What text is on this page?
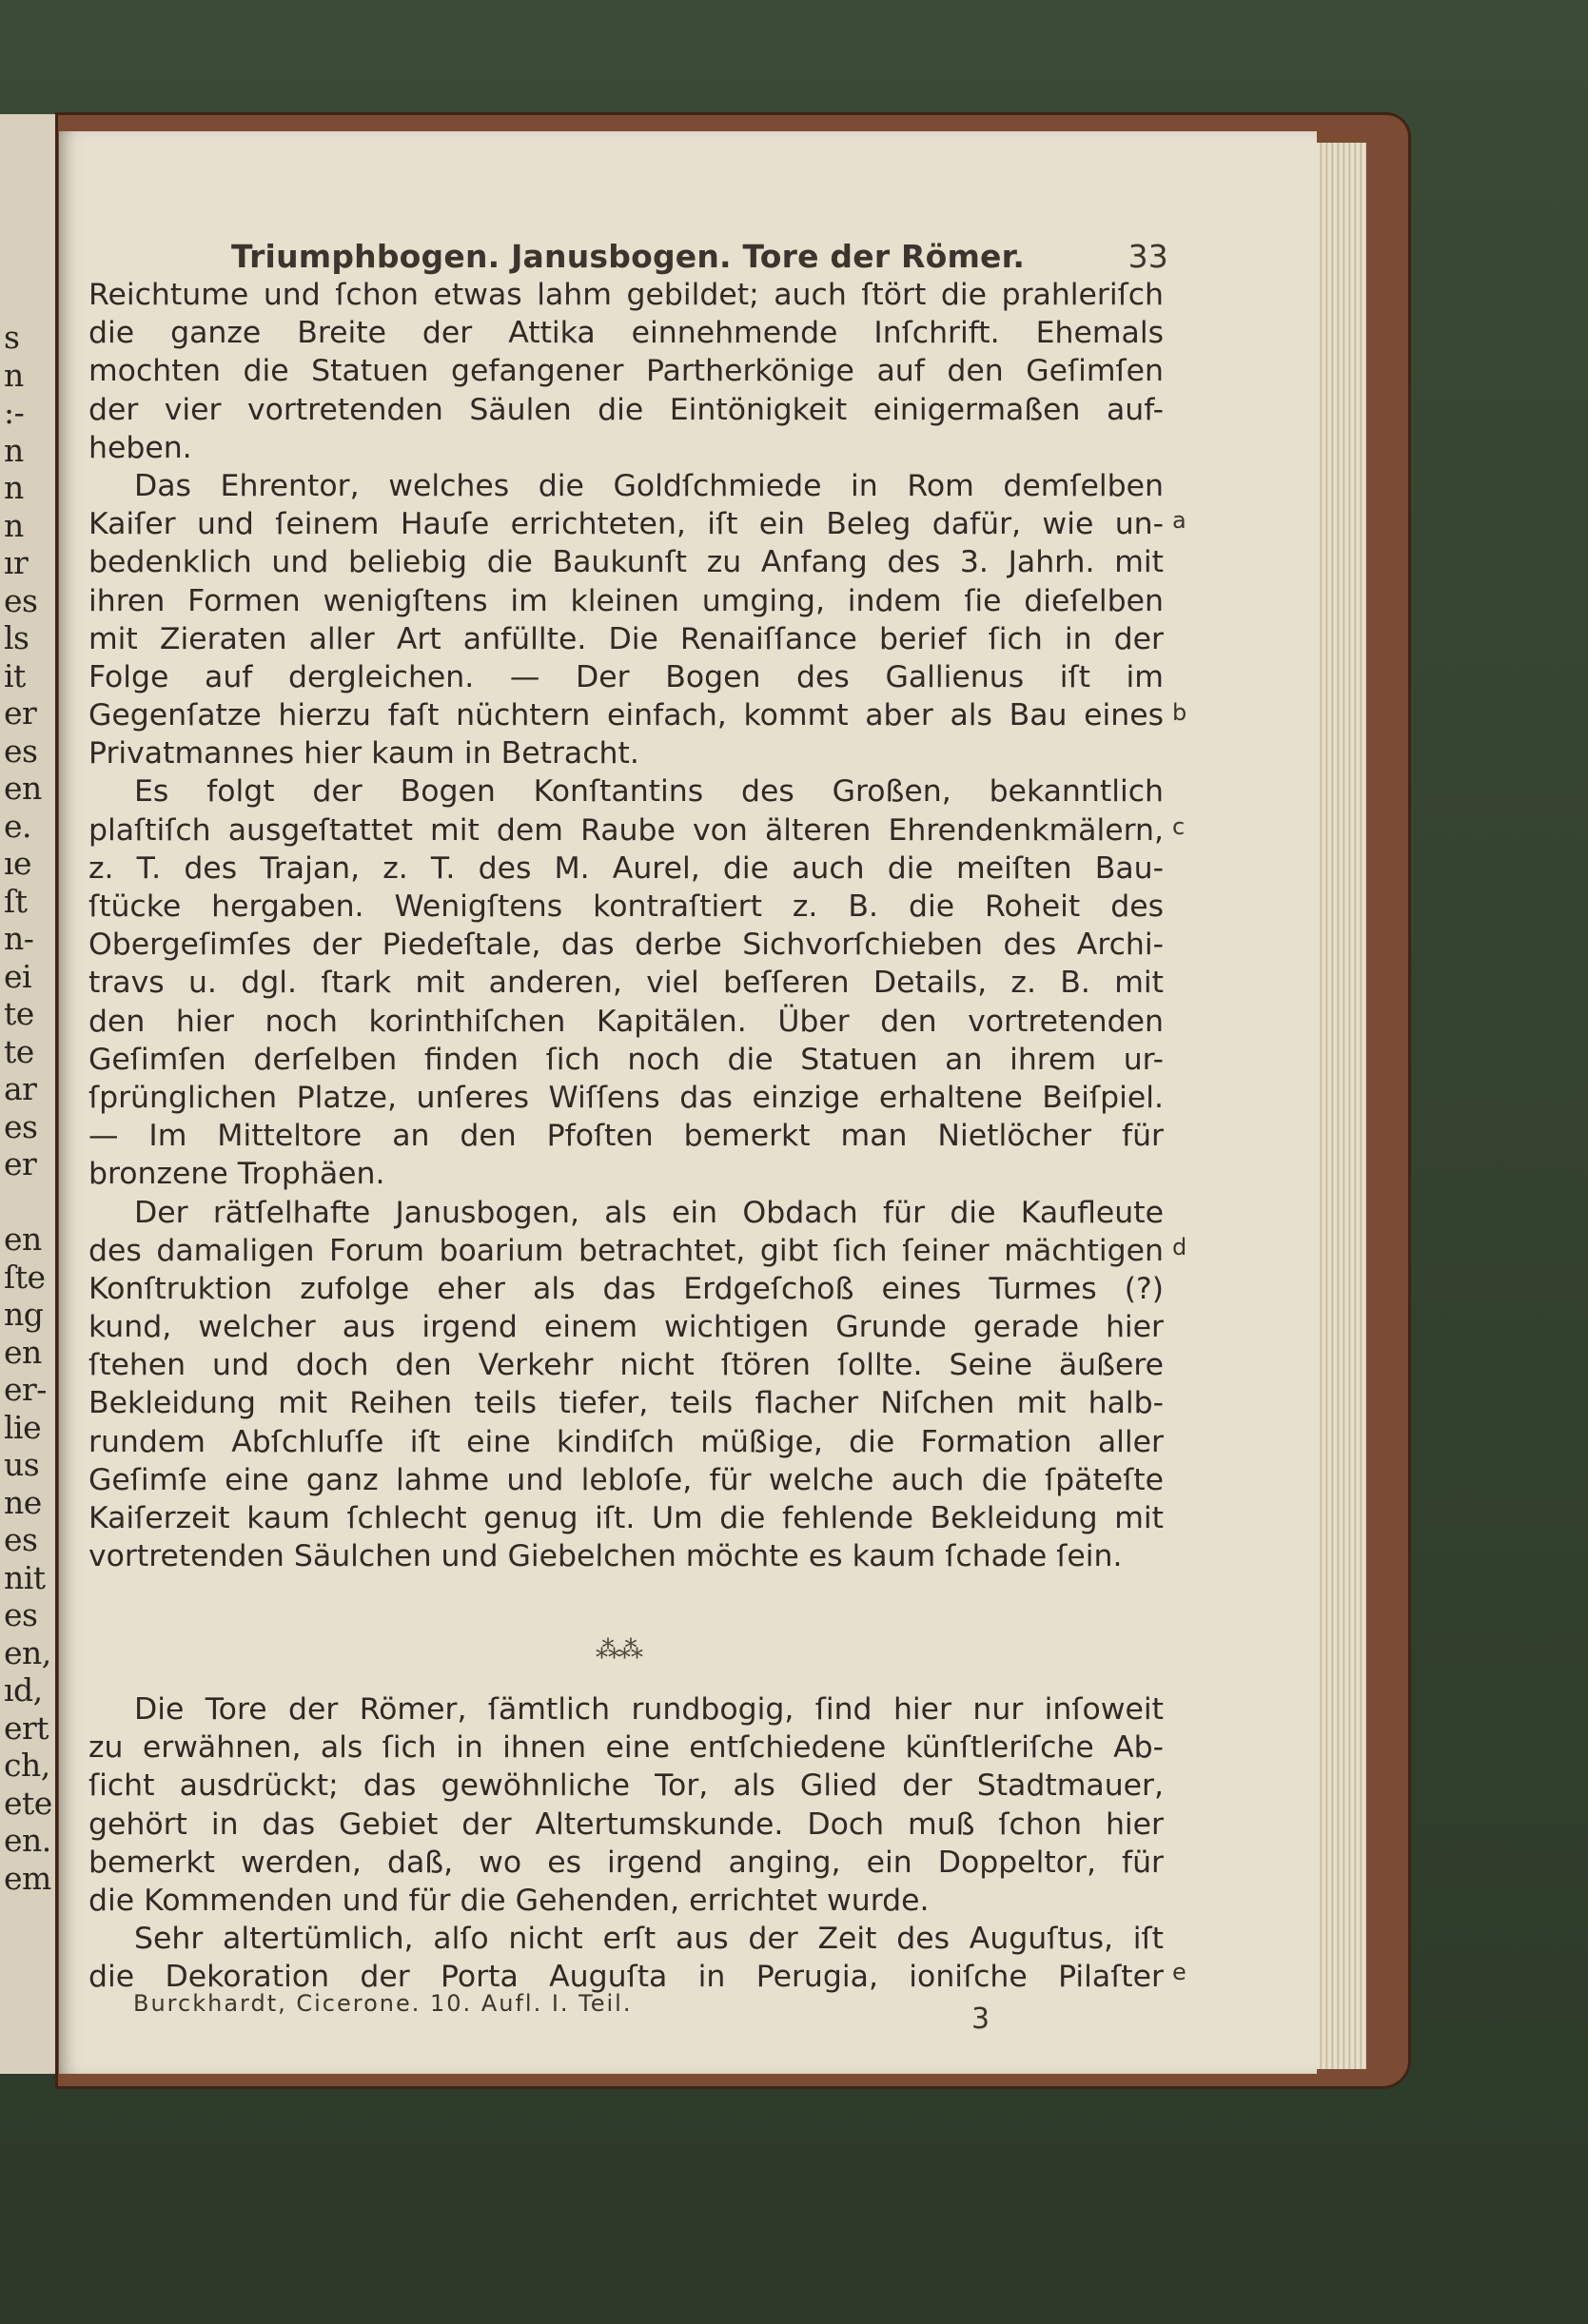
s
n
:-
n
n
n
ır
es
ls
it
er
es
en
e.
ıe
ſt
n-
ei
te
te
ar
es
er

en
ſte
ng
en
er-
lie
us
ne
es
nit
es
en,
ıd,
ert
ch,
ete
en.
em
Triumphbogen. Janusbogen. Tore der Römer.	33
Reichtume und ſchon etwas lahm gebildet; auch ſtört die prahleriſch
die ganze Breite der Attika einnehmende Inſchrift. Ehemals
mochten die Statuen gefangener Partherkönige auf den Geſimſen
der vier vortretenden Säulen die Eintönigkeit einigermaßen auf-
heben.
Das Ehrentor, welches die Goldſchmiede in Rom demſelben
Kaiſer und ſeinem Hauſe errichteten, iſt ein Beleg dafür, wie un-
bedenklich und beliebig die Baukunſt zu Anfang des 3. Jahrh. mit
ihren Formen wenigſtens im kleinen umging, indem ſie dieſelben
mit Zieraten aller Art anfüllte. Die Renaiſſance berief ſich in der
Folge auf dergleichen. — Der Bogen des Gallienus iſt im
Gegenſatze hierzu faſt nüchtern einfach, kommt aber als Bau eines
Privatmannes hier kaum in Betracht.
Es folgt der Bogen Konſtantins des Großen, bekanntlich
plaſtiſch ausgeſtattet mit dem Raube von älteren Ehrendenkmälern,
z. T. des Trajan, z. T. des M. Aurel, die auch die meiſten Bau-
ſtücke hergaben. Wenigſtens kontraſtiert z. B. die Roheit des
Obergeſimſes der Piedeſtale, das derbe Sichvorſchieben des Archi-
travs u. dgl. ſtark mit anderen, viel beſſeren Details, z. B. mit
den hier noch korinthiſchen Kapitälen. Über den vortretenden
Geſimſen derſelben finden ſich noch die Statuen an ihrem ur-
ſprünglichen Platze, unſeres Wiſſens das einzige erhaltene Beiſpiel.
— Im Mitteltore an den Pfoſten bemerkt man Nietlöcher für
bronzene Trophäen.
Der rätſelhafte Janusbogen, als ein Obdach für die Kaufleute
des damaligen Forum boarium betrachtet, gibt ſich ſeiner mächtigen
Konſtruktion zufolge eher als das Erdgeſchoß eines Turmes (?)
kund, welcher aus irgend einem wichtigen Grunde gerade hier
ſtehen und doch den Verkehr nicht ſtören ſollte. Seine äußere
Bekleidung mit Reihen teils tiefer, teils flacher Niſchen mit halb-
rundem Abſchluſſe iſt eine kindiſch müßige, die Formation aller
Geſimſe eine ganz lahme und lebloſe, für welche auch die ſpäteſte
Kaiſerzeit kaum ſchlecht genug iſt. Um die fehlende Bekleidung mit
vortretenden Säulchen und Giebelchen möchte es kaum ſchade ſein.
a
b
c
d
e
⁂⁂
Die Tore der Römer, ſämtlich rundbogig, ſind hier nur inſoweit
zu erwähnen, als ſich in ihnen eine entſchiedene künſtleriſche Ab-
ſicht ausdrückt; das gewöhnliche Tor, als Glied der Stadtmauer,
gehört in das Gebiet der Altertumskunde. Doch muß ſchon hier
bemerkt werden, daß, wo es irgend anging, ein Doppeltor, für
die Kommenden und für die Gehenden, errichtet wurde.
Sehr altertümlich, alſo nicht erſt aus der Zeit des Auguſtus, iſt
die Dekoration der Porta Auguſta in Perugia, ioniſche Pilaſter
Burckhardt, Cicerone. 10. Aufl. I. Teil.	3
